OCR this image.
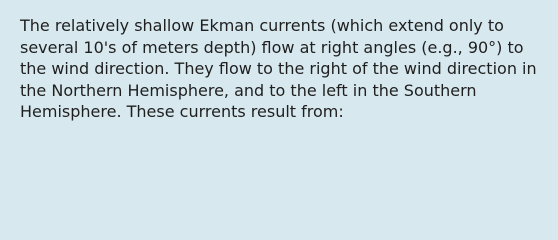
The relatively shallow Ekman currents (which extend only to several 10's of meters depth) flow at right angles (e.g., 90°) to the wind direction. They flow to the right of the wind direction in the Northern Hemisphere, and to the left in the Southern Hemisphere. These currents result from:
